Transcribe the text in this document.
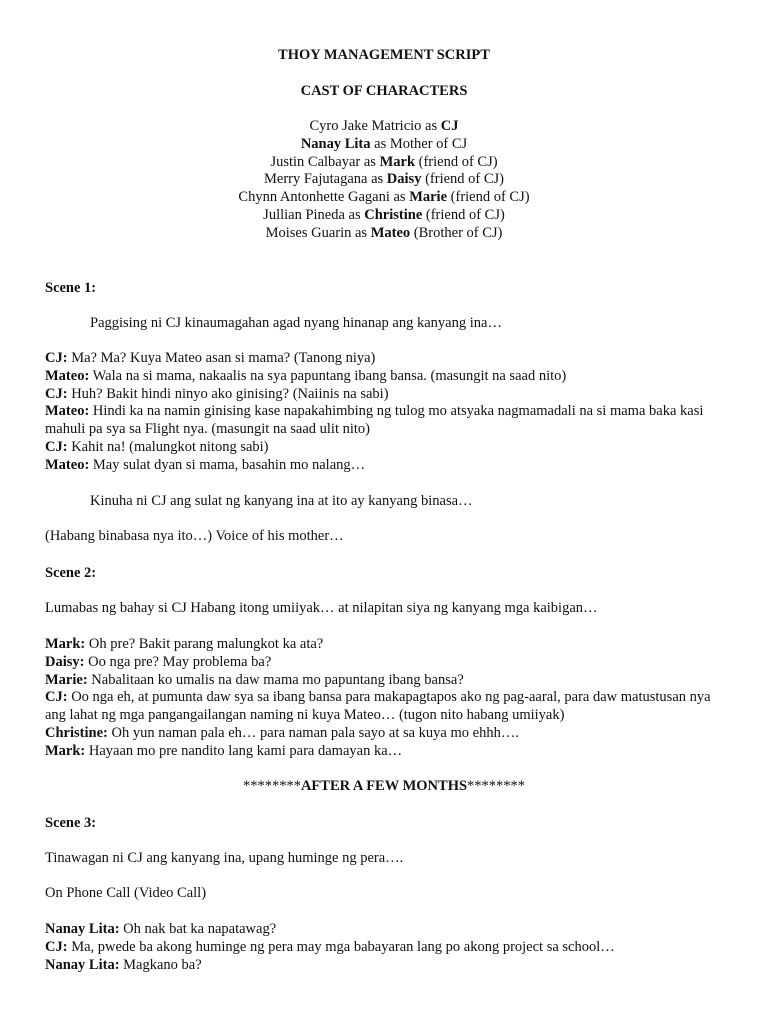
THOY MANAGEMENT SCRIPT
CAST OF CHARACTERS
Cyro Jake Matricio as CJ
Nanay Lita as Mother of CJ
Justin Calbayar as Mark (friend of CJ)
Merry Fajutagana as Daisy (friend of CJ)
Chynn Antonhette Gagani as Marie (friend of CJ)
Jullian Pineda as Christine (friend of CJ)
Moises Guarin as Mateo (Brother of CJ)
Scene 1:
Paggising ni CJ kinaumagahan agad nyang hinanap ang kanyang ina…
CJ: Ma? Ma? Kuya Mateo asan si mama? (Tanong niya)
Mateo: Wala na si mama, nakaalis na sya papuntang ibang bansa. (masungit na saad nito)
CJ: Huh? Bakit hindi ninyo ako ginising? (Naiinis na sabi)
Mateo: Hindi ka na namin ginising kase napakahimbing ng tulog mo atsyaka nagmamadali na si mama baka kasi mahuli pa sya sa Flight nya. (masungit na saad ulit nito)
CJ: Kahit na! (malungkot nitong sabi)
Mateo: May sulat dyan si mama, basahin mo nalang…
Kinuha ni CJ ang sulat ng kanyang ina at ito ay kanyang binasa…
(Habang binabasa nya ito…) Voice of his mother…
Scene 2:
Lumabas ng bahay si CJ Habang itong umiiyak… at nilapitan siya ng kanyang mga kaibigan…
Mark: Oh pre? Bakit parang malungkot ka ata?
Daisy: Oo nga pre? May problema ba?
Marie: Nabalitaan ko umalis na daw mama mo papuntang ibang bansa?
CJ: Oo nga eh, at pumunta daw sya sa ibang bansa para makapagtapos ako ng pag-aaral, para daw matustusan nya ang lahat ng mga pangangailangan naming ni kuya Mateo… (tugon nito habang umiiyak)
Christine: Oh yun naman pala eh… para naman pala sayo at sa kuya mo ehhh….
Mark: Hayaan mo pre nandito lang kami para damayan ka…
********AFTER A FEW MONTHS********
Scene 3:
Tinawagan ni CJ ang kanyang ina, upang huminge ng pera….
On Phone Call (Video Call)
Nanay Lita: Oh nak bat ka napatawag?
CJ: Ma, pwede ba akong huminge ng pera may mga babayaran lang po akong project sa school…
Nanay Lita: Magkano ba?
